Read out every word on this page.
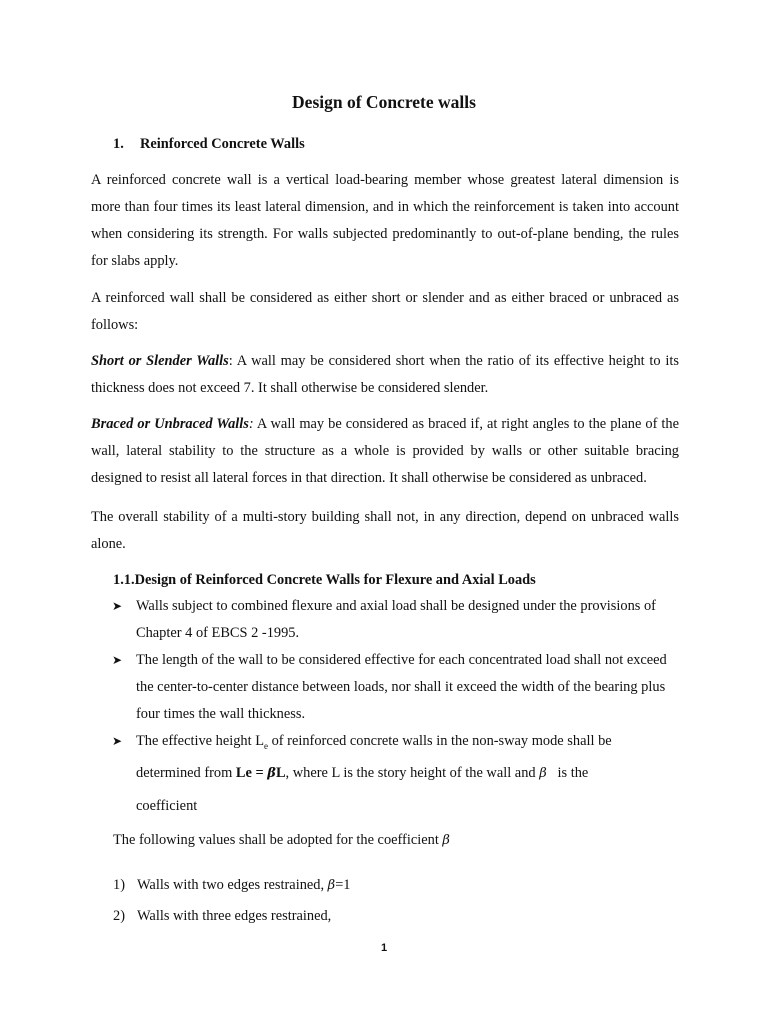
Design of Concrete walls
1. Reinforced Concrete Walls

A reinforced concrete wall is a vertical load-bearing member whose greatest lateral dimension is more than four times its least lateral dimension, and in which the reinforcement is taken into account when considering its strength. For walls subjected predominantly to out-of-plane bending, the rules for slabs apply.

A reinforced wall shall be considered as either short or slender and as either braced or unbraced as follows:

Short or Slender Walls: A wall may be considered short when the ratio of its effective height to its thickness does not exceed 7. It shall otherwise be considered slender.

Braced or Unbraced Walls: A wall may be considered as braced if, at right angles to the plane of the wall, lateral stability to the structure as a whole is provided by walls or other suitable bracing designed to resist all lateral forces in that direction. It shall otherwise be considered as unbraced.

The overall stability of a multi-story building shall not, in any direction, depend on unbraced walls alone.

1.1.Design of Reinforced Concrete Walls for Flexure and Axial Loads
➤ Walls subject to combined flexure and axial load shall be designed under the provisions of Chapter 4 of EBCS 2 -1995.
➤ The length of the wall to be considered effective for each concentrated load shall not exceed the center-to-center distance between loads, nor shall it exceed the width of the bearing plus four times the wall thickness.
➤ The effective height $L_e$ of reinforced concrete walls in the non-sway mode shall be
determined from Le = βL, where L is the story height of the wall and β   is the
coefficient
The following values shall be adopted for the coefficient β
1) Walls with two edges restrained, β=1
2) Walls with three edges restrained,
1
